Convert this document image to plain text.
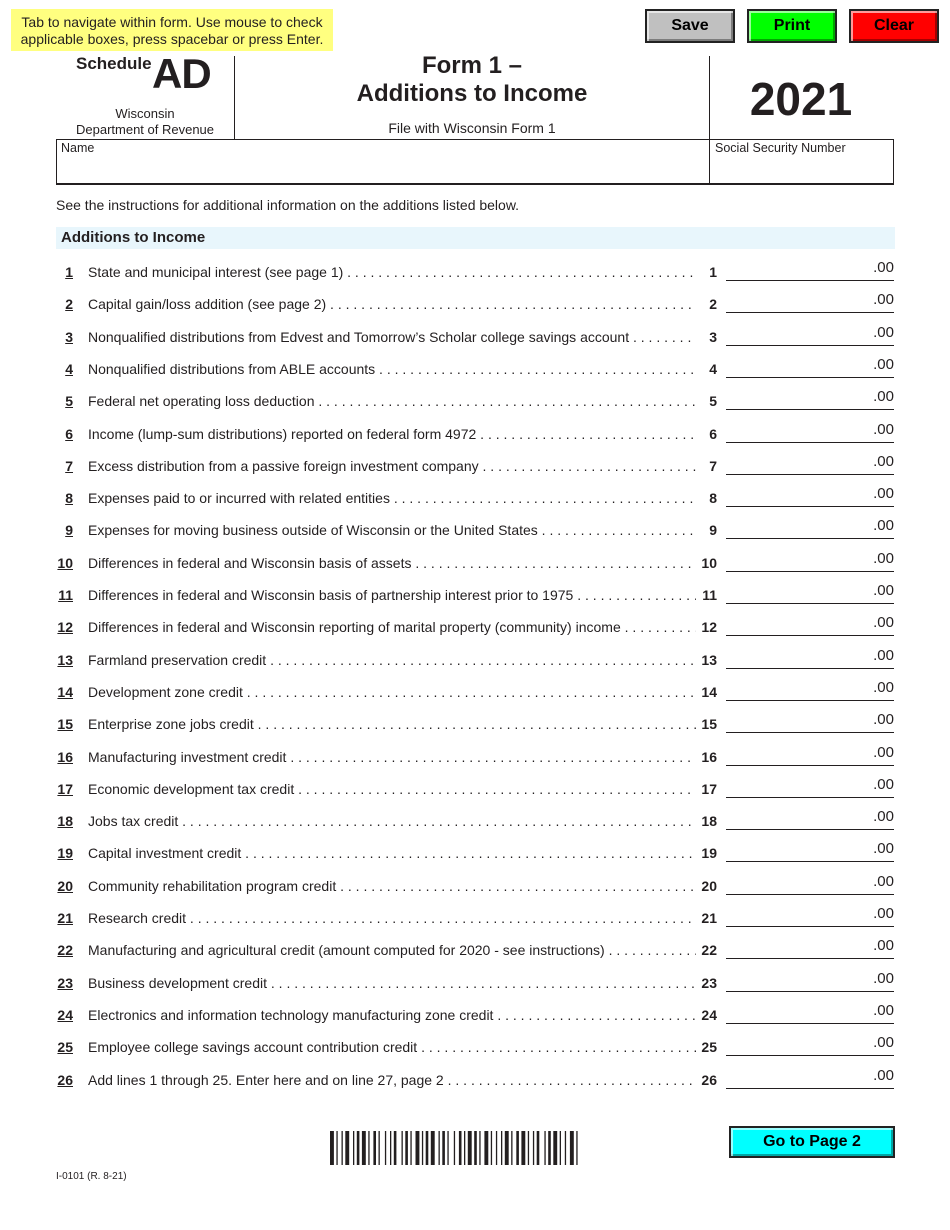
Tab to navigate within form. Use mouse to check applicable boxes, press spacebar or press Enter.
Save	Print	Clear
Schedule AD
Wisconsin
Department of Revenue
Form 1 –
Additions to Income
File with Wisconsin Form 1
2021
Name	Social Security Number
See the instructions for additional information on the additions listed below.
Additions to Income
1 State and municipal interest (see page 1) . . .	1	.00
2 Capital gain/loss addition (see page 2) . . .	2	.00
3 Nonqualified distributions from Edvest and Tomorrow’s Scholar college savings account . . .	3	.00
4 Nonqualified distributions from ABLE accounts . . .	4	.00
5 Federal net operating loss deduction . . .	5	.00
6 Income (lump-sum distributions) reported on federal form 4972 . . .	6	.00
7 Excess distribution from a passive foreign investment company . . .	7	.00
8 Expenses paid to or incurred with related entities . . .	8	.00
9 Expenses for moving business outside of Wisconsin or the United States . . .	9	.00
10 Differences in federal and Wisconsin basis of assets . . .	10	.00
11 Differences in federal and Wisconsin basis of partnership interest prior to 1975 . . .	11	.00
12 Differences in federal and Wisconsin reporting of marital property (community) income . . .	12	.00
13 Farmland preservation credit . . .	13	.00
14 Development zone credit . . .	14	.00
15 Enterprise zone jobs credit . . .	15	.00
16 Manufacturing investment credit . . .	16	.00
17 Economic development tax credit . . .	17	.00
18 Jobs tax credit . . .	18	.00
19 Capital investment credit . . .	19	.00
20 Community rehabilitation program credit . . .	20	.00
21 Research credit . . .	21	.00
22 Manufacturing and agricultural credit (amount computed for 2020 - see instructions) . . .	22	.00
23 Business development credit . . .	23	.00
24 Electronics and information technology manufacturing zone credit . . .	24	.00
25 Employee college savings account contribution credit . . .	25	.00
26 Add lines 1 through 25. Enter here and on line 27, page 2 . . .	26	.00
Go to Page 2
I-0101 (R. 8-21)
